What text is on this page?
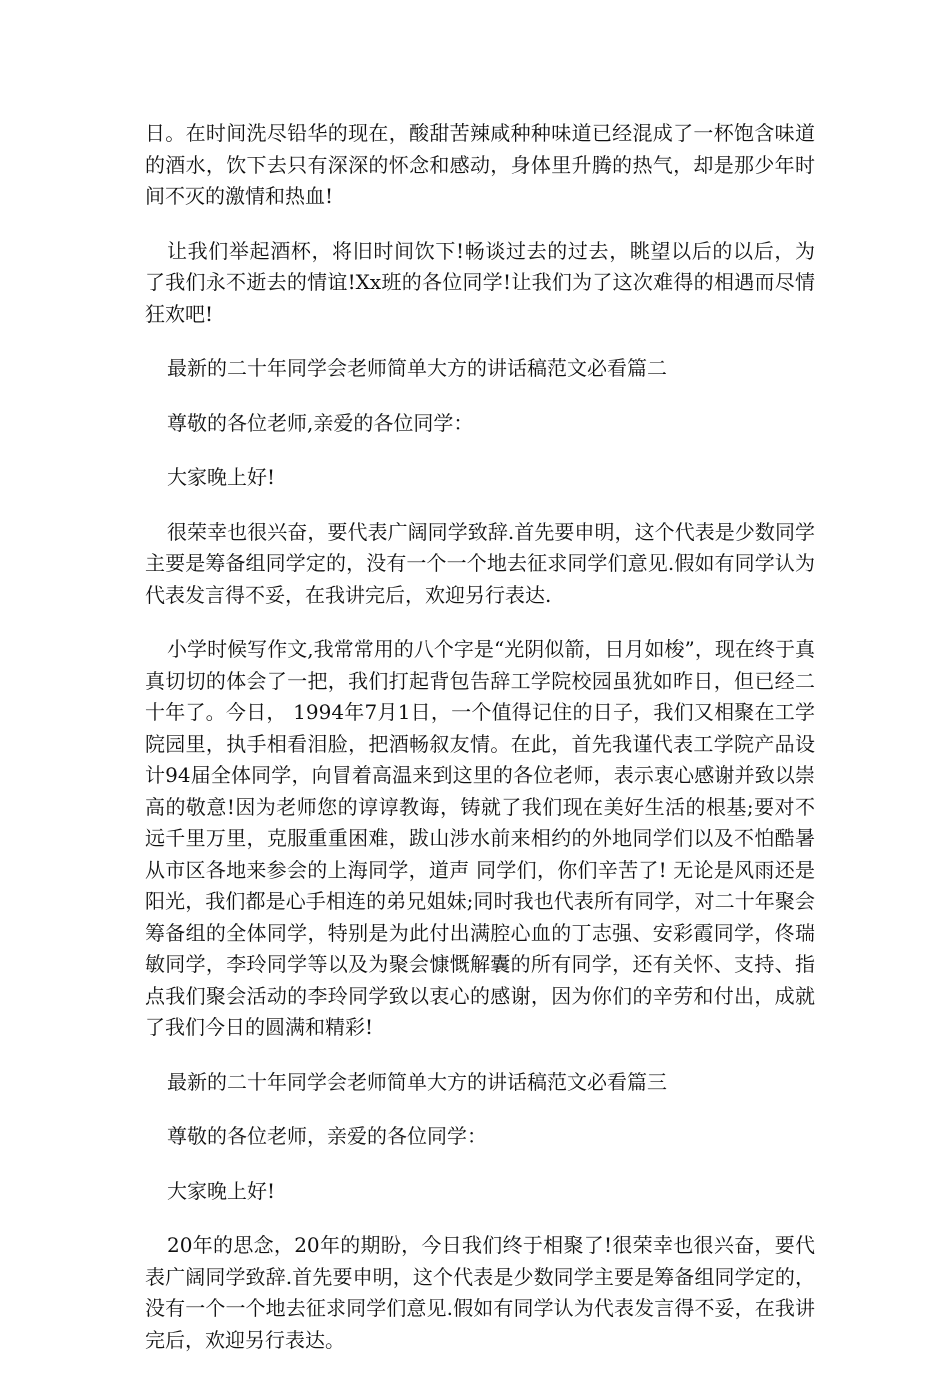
日。在时间洗尽铅华的现在，酸甜苦辣咸种种味道已经混成了一杯饱含味道的酒水，饮下去只有深深的怀念和感动，身体里升腾的热气，却是那少年时间不灭的激情和热血!

让我们举起酒杯，将旧时间饮下!畅谈过去的过去，眺望以后的以后，为了我们永不逝去的情谊!Xx班的各位同学!让我们为了这次难得的相遇而尽情狂欢吧!

最新的二十年同学会老师简单大方的讲话稿范文必看篇二

尊敬的各位老师,亲爱的各位同学：

大家晚上好!

很荣幸也很兴奋，要代表广阔同学致辞.首先要申明，这个代表是少数同学主要是筹备组同学定的，没有一个一个地去征求同学们意见.假如有同学认为代表发言得不妥，在我讲完后，欢迎另行表达.

小学时候写作文,我常常用的八个字是“光阴似箭，日月如梭”，现在终于真真切切的体会了一把，我们打起背包告辞工学院校园虽犹如昨日，但已经二十年了。今日， 1994年7月1日，一个值得记住的日子，我们又相聚在工学院园里，执手相看泪脸，把酒畅叙友情。在此，首先我谨代表工学院产品设计94届全体同学，向冒着高温来到这里的各位老师，表示衷心感谢并致以崇高的敬意!因为老师您的谆谆教诲，铸就了我们现在美好生活的根基;要对不远千里万里，克服重重困难，跋山涉水前来相约的外地同学们以及不怕酷暑从市区各地来参会的上海同学，道声 同学们，你们辛苦了! 无论是风雨还是阳光，我们都是心手相连的弟兄姐妹;同时我也代表所有同学，对二十年聚会筹备组的全体同学，特别是为此付出满腔心血的丁志强、安彩霞同学，佟瑞敏同学，李玲同学等以及为聚会慷慨解囊的所有同学，还有关怀、支持、指点我们聚会活动的李玲同学致以衷心的感谢，因为你们的辛劳和付出，成就了我们今日的圆满和精彩!

最新的二十年同学会老师简单大方的讲话稿范文必看篇三

尊敬的各位老师，亲爱的各位同学：

大家晚上好!

20年的思念，20年的期盼，今日我们终于相聚了!很荣幸也很兴奋，要代表广阔同学致辞.首先要申明，这个代表是少数同学主要是筹备组同学定的，没有一个一个地去征求同学们意见.假如有同学认为代表发言得不妥，在我讲完后，欢迎另行表达。
